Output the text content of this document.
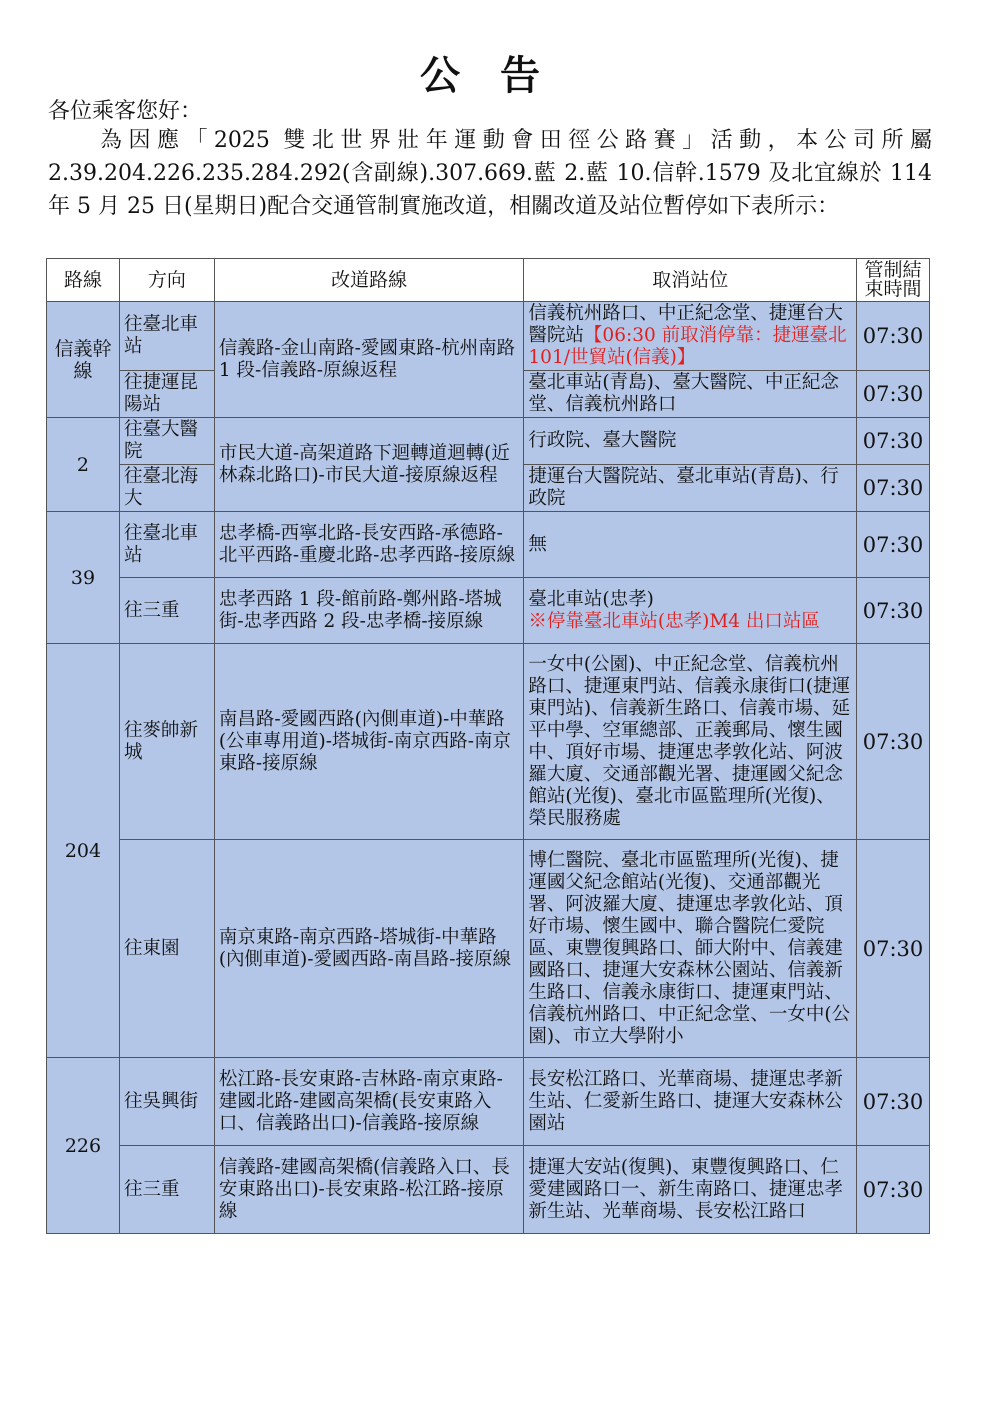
公告
各位乘客您好：
為因應「2025 雙北世界壯年運動會田徑公路賽」活動，本公司所屬 2.39.204.226.235.284.292(含副線).307.669.藍 2.藍 10.信幹.1579 及北宜線於 114 年 5 月 25 日(星期日)配合交通管制實施改道，相關改道及站位暫停如下表所示：
路線	方向	改道路線	取消站位	管制結束時間
信義幹線	往臺北車站	信義路-金山南路-愛國東路-杭州南路 1 段-信義路-原線返程	信義杭州路口、中正紀念堂、捷運台大醫院站【06:30 前取消停靠：捷運臺北 101/世貿站(信義)】	07:30
	往捷運昆陽站		臺北車站(青島)、臺大醫院、中正紀念堂、信義杭州路口	07:30
2	往臺大醫院	市民大道-高架道路下迴轉道迴轉(近林森北路口)-市民大道-接原線返程	行政院、臺大醫院	07:30
	往臺北海大		捷運台大醫院站、臺北車站(青島)、行政院	07:30
39	往臺北車站	忠孝橋-西寧北路-長安西路-承德路-北平西路-重慶北路-忠孝西路-接原線	無	07:30
	往三重	忠孝西路 1 段-館前路-鄭州路-塔城街-忠孝西路 2 段-忠孝橋-接原線	臺北車站(忠孝)
※停靠臺北車站(忠孝)M4 出口站區	07:30
204	往麥帥新城	南昌路-愛國西路(內側車道)-中華路(公車專用道)-塔城街-南京西路-南京東路-接原線	一女中(公園)、中正紀念堂、信義杭州路口、捷運東門站、信義永康街口(捷運東門站)、信義新生路口、信義市場、延平中學、空軍總部、正義郵局、懷生國中、頂好市場、捷運忠孝敦化站、阿波羅大廈、交通部觀光署、捷運國父紀念館站(光復)、臺北市區監理所(光復)、榮民服務處	07:30
	往東園	南京東路-南京西路-塔城街-中華路(內側車道)-愛國西路-南昌路-接原線	博仁醫院、臺北市區監理所(光復)、捷運國父紀念館站(光復)、交通部觀光署、阿波羅大廈、捷運忠孝敦化站、頂好市場、懷生國中、聯合醫院仁愛院區、東豐復興路口、師大附中、信義建國路口、捷運大安森林公園站、信義新生路口、信義永康街口、捷運東門站、信義杭州路口、中正紀念堂、一女中(公園)、市立大學附小	07:30
226	往吳興街	松江路-長安東路-吉林路-南京東路-建國北路-建國高架橋(長安東路入口、信義路出口)-信義路-接原線	長安松江路口、光華商場、捷運忠孝新生站、仁愛新生路口、捷運大安森林公園站	07:30
	往三重	信義路-建國高架橋(信義路入口、長安東路出口)-長安東路-松江路-接原線	捷運大安站(復興)、東豐復興路口、仁愛建國路口一、新生南路口、捷運忠孝新生站、光華商場、長安松江路口	07:30
